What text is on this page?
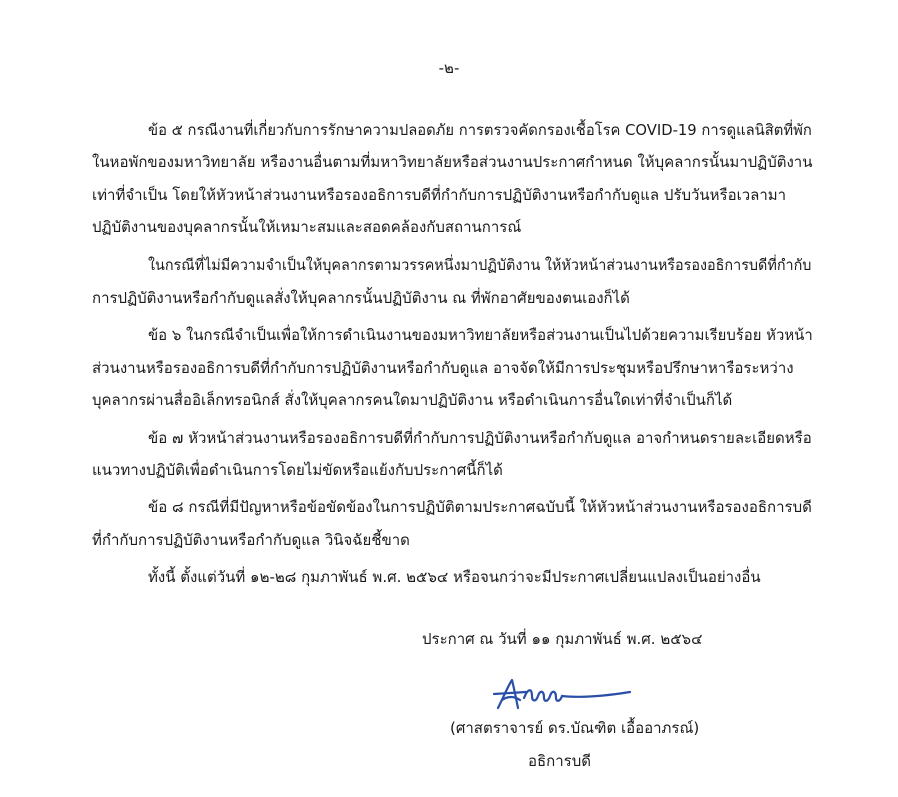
-๒-
ข้อ ๕ กรณีงานที่เกี่ยวกับการรักษาความปลอดภัย การตรวจคัดกรองเชื้อโรค COVID-19 การดูแลนิสิตที่พัก
ในหอพักของมหาวิทยาลัย หรืองานอื่นตามที่มหาวิทยาลัยหรือส่วนงานประกาศกำหนด ให้บุคลากรนั้นมาปฏิบัติงาน
เท่าที่จำเป็น โดยให้หัวหน้าส่วนงานหรือรองอธิการบดีที่กำกับการปฏิบัติงานหรือกำกับดูแล ปรับวันหรือเวลามา
ปฏิบัติงานของบุคลากรนั้นให้เหมาะสมและสอดคล้องกับสถานการณ์
ในกรณีที่ไม่มีความจำเป็นให้บุคลากรตามวรรคหนึ่งมาปฏิบัติงาน ให้หัวหน้าส่วนงานหรือรองอธิการบดีที่กำกับ
การปฏิบัติงานหรือกำกับดูแลสั่งให้บุคลากรนั้นปฏิบัติงาน ณ ที่พักอาศัยของตนเองก็ได้
ข้อ ๖ ในกรณีจำเป็นเพื่อให้การดำเนินงานของมหาวิทยาลัยหรือส่วนงานเป็นไปด้วยความเรียบร้อย หัวหน้า
ส่วนงานหรือรองอธิการบดีที่กำกับการปฏิบัติงานหรือกำกับดูแล อาจจัดให้มีการประชุมหรือปรึกษาหารือระหว่าง
บุคลากรผ่านสื่ออิเล็กทรอนิกส์ สั่งให้บุคลากรคนใดมาปฏิบัติงาน หรือดำเนินการอื่นใดเท่าที่จำเป็นก็ได้
ข้อ ๗ หัวหน้าส่วนงานหรือรองอธิการบดีที่กำกับการปฏิบัติงานหรือกำกับดูแล อาจกำหนดรายละเอียดหรือ
แนวทางปฏิบัติเพื่อดำเนินการโดยไม่ขัดหรือแย้งกับประกาศนี้ก็ได้
ข้อ ๘ กรณีที่มีปัญหาหรือข้อขัดข้องในการปฏิบัติตามประกาศฉบับนี้ ให้หัวหน้าส่วนงานหรือรองอธิการบดี
ที่กำกับการปฏิบัติงานหรือกำกับดูแล วินิจฉัยชี้ขาด
ทั้งนี้ ตั้งแต่วันที่ ๑๒-๒๘ กุมภาพันธ์ พ.ศ. ๒๕๖๔ หรือจนกว่าจะมีประกาศเปลี่ยนแปลงเป็นอย่างอื่น
ประกาศ ณ วันที่ ๑๑ กุมภาพันธ์ พ.ศ. ๒๕๖๔
(ศาสตราจารย์ ดร.บัณฑิต เอื้ออาภรณ์)
อธิการบดี
